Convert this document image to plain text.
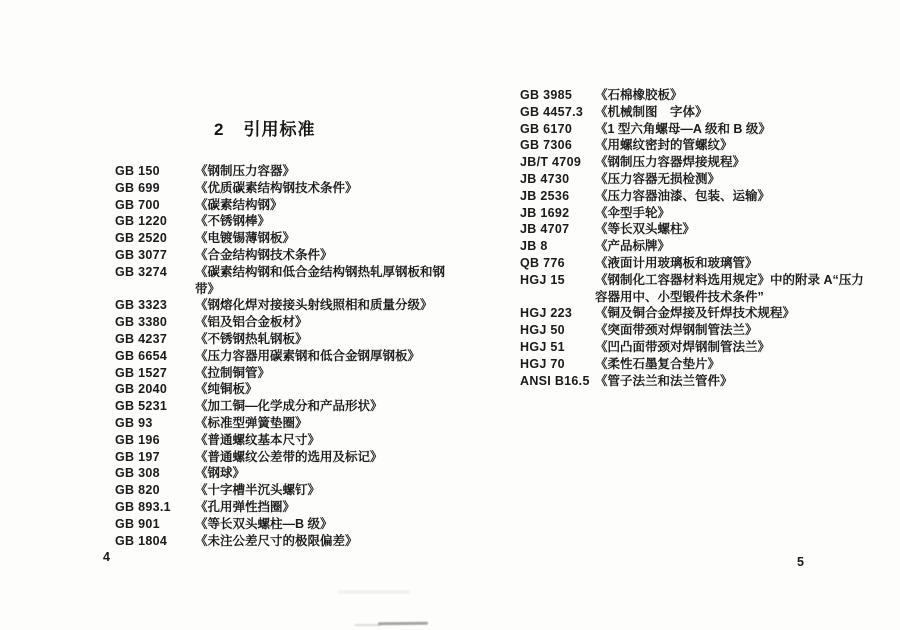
2 引用标准
GB 150	《钢制压力容器》
GB 699	《优质碳素结构钢技术条件》
GB 700	《碳素结构钢》
GB 1220	《不锈钢棒》
GB 2520	《电镀锡薄钢板》
GB 3077	《合金结构钢技术条件》
GB 3274	《碳素结构钢和低合金结构钢热轧厚钢板和钢带》
GB 3323	《钢熔化焊对接接头射线照相和质量分级》
GB 3380	《铝及铝合金板材》
GB 4237	《不锈钢热轧钢板》
GB 6654	《压力容器用碳素钢和低合金钢厚钢板》
GB 1527	《拉制铜管》
GB 2040	《纯铜板》
GB 5231	《加工铜—化学成分和产品形状》
GB 93	《标准型弹簧垫圈》
GB 196	《普通螺纹基本尺寸》
GB 197	《普通螺纹公差带的选用及标记》
GB 308	《钢球》
GB 820	《十字槽半沉头螺钉》
GB 893.1	《孔用弹性挡圈》
GB 901	《等长双头螺柱—B 级》
GB 1804	《未注公差尺寸的极限偏差》
GB 3985	《石棉橡胶板》
GB 4457.3 《机械制图　字体》
GB 6170	《1 型六角螺母—A 级和 B 级》
GB 7306	《用螺纹密封的管螺纹》
JB/T 4709	《钢制压力容器焊接规程》
JB 4730	《压力容器无损检测》
JB 2536	《压力容器油漆、包装、运输》
JB 1692	《伞型手轮》
JB 4707	《等长双头螺柱》
JB 8	《产品标牌》
QB 776	《液面计用玻璃板和玻璃管》
HGJ 15	《钢制化工容器材料选用规定》中的附录 A“压力容器用中、小型锻件技术条件”
HGJ 223	《铜及铜合金焊接及钎焊技术规程》
HGJ 50	《突面带颈对焊钢制管法兰》
HGJ 51	《凹凸面带颈对焊钢制管法兰》
HGJ 70	《柔性石墨复合垫片》
ANSI B16.5 《管子法兰和法兰管件》
4	5
